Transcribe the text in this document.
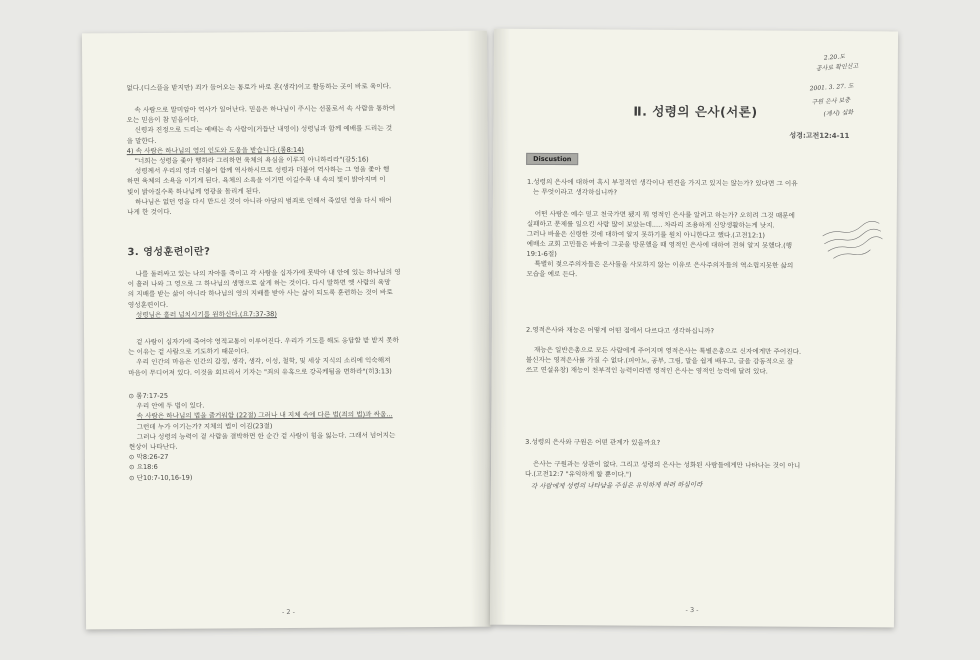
없다.(디스플을 받지만) 죄가 들어오는 통로가 바로 혼(생각)이고 활동하는 곳이 바로 육이다.

속 사람으로 말미암아 역사가 일어난다. 믿음은 하나님이 주시는 선물로서 속 사람을 통하여

오는 믿음이 참 믿음이다.

신령과 진정으로 드리는 예배는 속 사람이(거듭난 내영이) 성령님과 함께 예배를 드리는 것

을 말한다.

4) 속 사람은 하나님의 영의 인도와 도움을 받습니다.(롬8:14)

"너희는 성령을 좇아 행하라 그리하면 육체의 욕심을 이루지 아니하리라"(갈5:16)

성령께서 우리의 영과 더불어 함께 역사하시므로 성령과 더불어 역사하는 그 영을 좇아 행

하면 육체의 소욕을 이기게 된다. 육체의 소욕을 이기면 이길수록 내 속의 빛이 밝아지며 이

빛이 밝아질수록 하나님께 영광을 돌리게 된다.

하나님은 없던 영을 다시 만드신 것이 아니라 아담의 범죄로 인해서 죽었던 영을 다시 태어

나게 한 것이다.

3. 영성훈련이란?

나를 둘러싸고 있는 나의 자아를 죽이고 각 사람을 십자가에 못박아 내 안에 있는 하나님의 영

이 흘러 나와 그 영으로 그 하나님의 생명으로 살게 하는 것이다. 다시 말하면 옛 사람의 육망

의 지배를 받는 삶이 아니라 하나님의 영의 지배를 받아 사는 삶이 되도록 훈련하는 것이 바로

영성훈련이다.

성령님은 훌러 넘치시기를 원하신다.(요7:37-38)

겉 사람이 십자가에 죽어야 영적교통이 이루어진다. 우리가 기도를 해도 응답할 받 받지 못하

는 이유는 겉 사람으로 기도하기 때문이다.

우리 인간의 마음은 인간의 감정, 생각, 생각, 이성, 철학, 및 세상 지식의 소리에 익숙해져

마음이 무디어져 있다. 이것을 회브리서 기자는 "죄의 유혹으로 강곡케됨을 면하라"(히3:13)

⊙ 롬7:17-25

우리 안에 두 법이 있다.

속 사람은 하나님의 법을 즐거워함 (22절) 그러나 내 지체 속에 다른 법(죄의 법)과 싸움...

그런데 누가 이기는가? 지체의 법이 이김(23절)

그러나 성령의 능력이 겉 사람을 결박하면 한 순간 겉 사람이 힘을 잃는다. 그래서 넘어지는

현상이 나타난다.

⊙ 막8:26-27

⊙ 요18:6

⊙ 단10:7-10,16-19)

- 2 -
Ⅱ. 성령의 은사(서론)
성경:고전12:4-11
2.20.도
공사로 확인신고
2001. 3. 27. 도
구원 은사 보충
(계시) 심화
Discustion

1.성령의 은사에 대하여 혹시 부정적인 생각이나 편견을 가지고 있지는 않는가? 있다면 그 이유

는 무엇이라고 생각하십니까?

어떤 사람은 예수 믿고 천국가면 됐지 뭐 영적인 은사를 알려고 하는가? 오히려 그것 때문에

실패하고 문제를 일으킨 사람 많이 보았는데..... 차라리 조용하게 신앙생활하는게 낫지.

그러나 바울은 신령한 것에 대하여 알지 못하기를 원치 아니한다고 했다.(고전12:1)

예배소 교회 고민들은 바울이 그곳을 방문했을 때 영적인 은사에 대하여 전혀 알지 못했다.(행

19:1-6절)

특별히 젖으주의자들은 은사들을 사모하지 않는 이유로 은사주의자들의 역소립지못한 삶의

모습을 예로 든다.

2.영적은사와 재능은 어떻게 어떤 점에서 다르다고 생각하십니까?

재능은 일반은총으로 모든 사람에게 주어지며 영적은사는 특별은총으로 신자에게만 주어진다.

불신자는 영적은사를 가질 수 없다.(피아노, 공부, 그림, 말을 쉽게 배우고, 글을 감동적으로 잘

쓰고 연설유창) 재능이 천부적인 능력이라면 영적인 은사는 영적인 능력에 달려 있다.

3.성령의 은사와 구원은 어떤 관계가 있을까요?

은사는 구원과는 상관이 없다. 그리고 성령의 은사는 성화된 사람들에게만 나타나는 것이 아니

다.(고전12:7 "유익하게 할 뿐이다.")

각 사람에게 성령의 나타남을 주심은 유익하게 하려 하심이라
- 3 -
